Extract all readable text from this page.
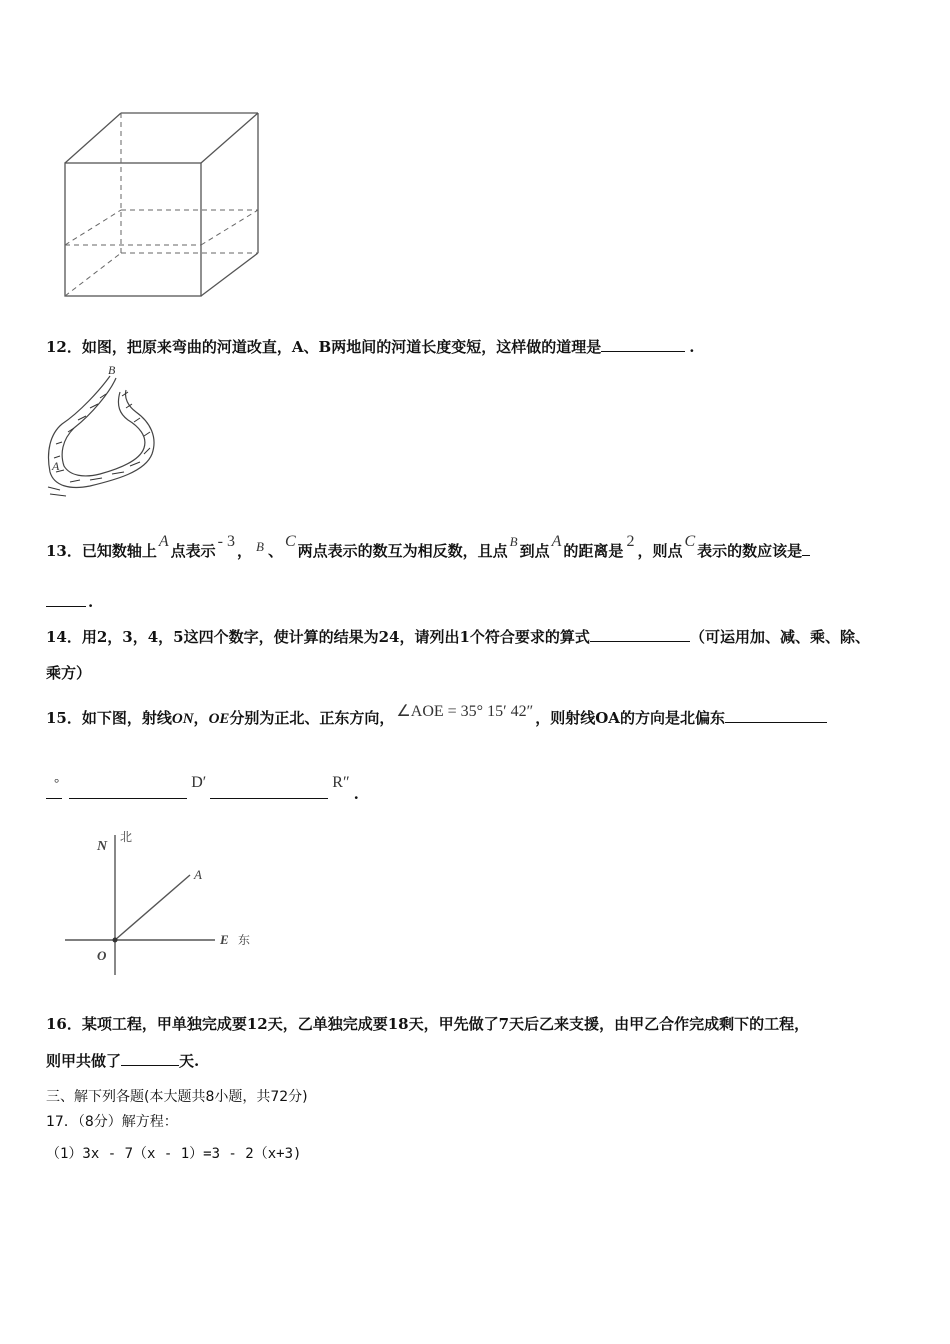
12．如图，把原来弯曲的河道改直，A、B两地间的河道长度变短，这样做的道理是	.
B
A
13．已知数轴上A点表示- 3， B 、C两点表示的数互为相反数，且点B到点A的距离是2，则点C表示的数应该是
.
14．用2，3，4，5这四个数字，使计算的结果为24，请列出1个符合要求的算式	（可运用加、减、乘、除、
乘方）
15．如下图，射线ON，OE分别为正北、正东方向， ∠AOE = 35° 15′ 42″ ，则射线OA的方向是北偏东
°	D′	R″.
N
北
A
E 东
O
16．某项工程，甲单独完成要12天，乙单独完成要18天，甲先做了7天后乙来支援，由甲乙合作完成剩下的工程，
则甲共做了	天.
三、解下列各题(本大题共8小题，共72分)
17．（8分）解方程：
（1）3x - 7（x - 1）=3 - 2（x+3)
